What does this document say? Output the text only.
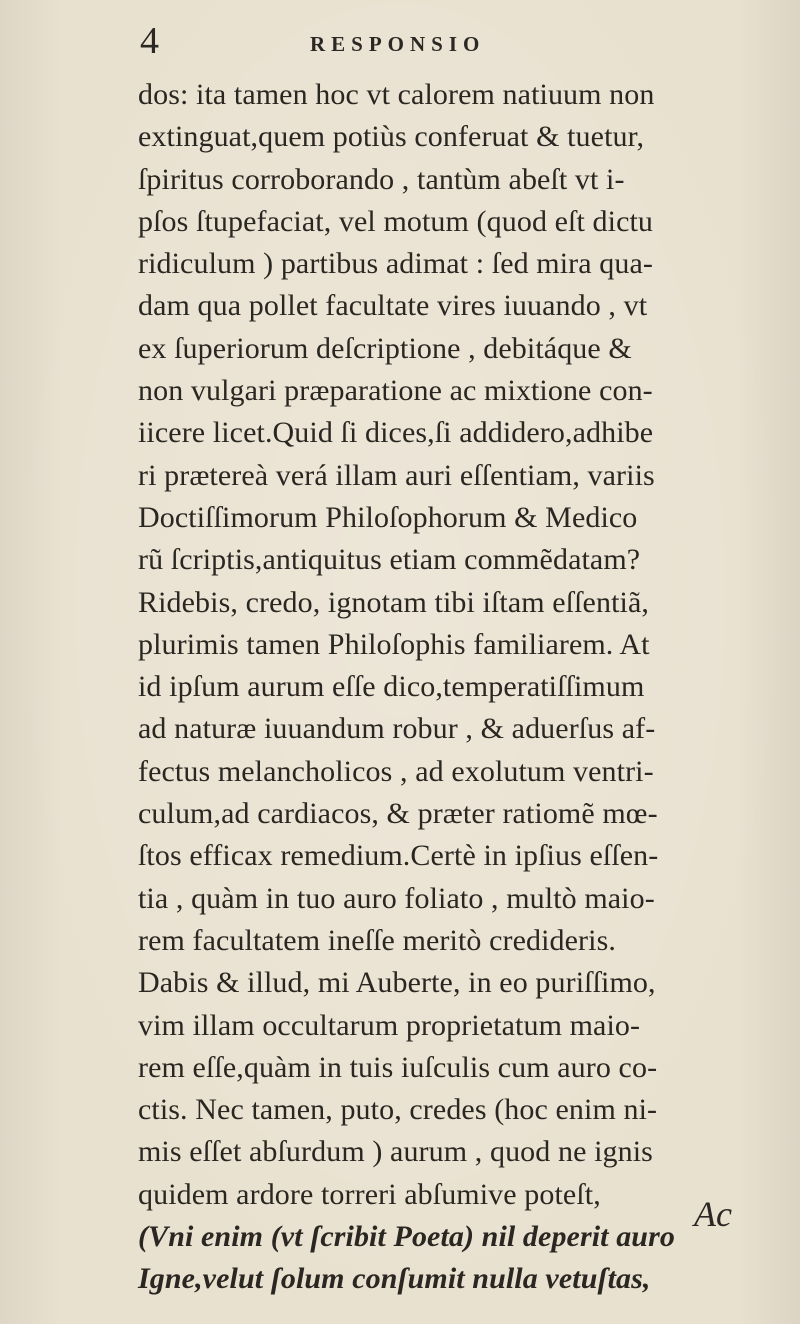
4	RESPONSIO
dos: ita tamen hoc vt calorem natiuum non
extinguat,quem potiùs conferuat & tuetur,
ſpiritus corroborando , tantùm abeſt vt i-
pſos ſtupefaciat, vel motum (quod eſt dictu
ridiculum ) partibus adimat : ſed mira qua-
dam qua pollet facultate vires iuuando , vt
ex ſuperiorum deſcriptione , debitáque &
non vulgari præparatione ac mixtione con-
iicere licet.Quid ſi dices,ſi addidero,adhibe
ri prætereà verá illam auri eſſentiam, variis
Doctiſſimorum Philoſophorum & Medico
rũ ſcriptis,antiquitus etiam commẽdatam?
Ridebis, credo, ignotam tibi iſtam eſſentiã,
plurimis tamen Philoſophis familiarem. At
id ipſum aurum eſſe dico,temperatiſſimum
ad naturæ iuuandum robur , & aduerſus af-
fectus melancholicos , ad exolutum ventri-
culum,ad cardiacos, & præter ratiomẽ mœ-
ſtos efficax remedium.Certè in ipſius eſſen-
tia , quàm in tuo auro foliato , multò maio-
rem facultatem ineſſe meritò credideris.
Dabis & illud, mi Auberte, in eo puriſſimo,
vim illam occultarum proprietatum maio-
rem eſſe,quàm in tuis iuſculis cum auro co-
ctis. Nec tamen, puto, credes (hoc enim ni-
mis eſſet abſurdum ) aurum , quod ne ignis
quidem ardore torreri abſumive poteſt,
(Vni enim (vt ſcribit Poeta) nil deperit auro
Igne,velut ſolum conſumit nulla vetuſtas,
Ac
